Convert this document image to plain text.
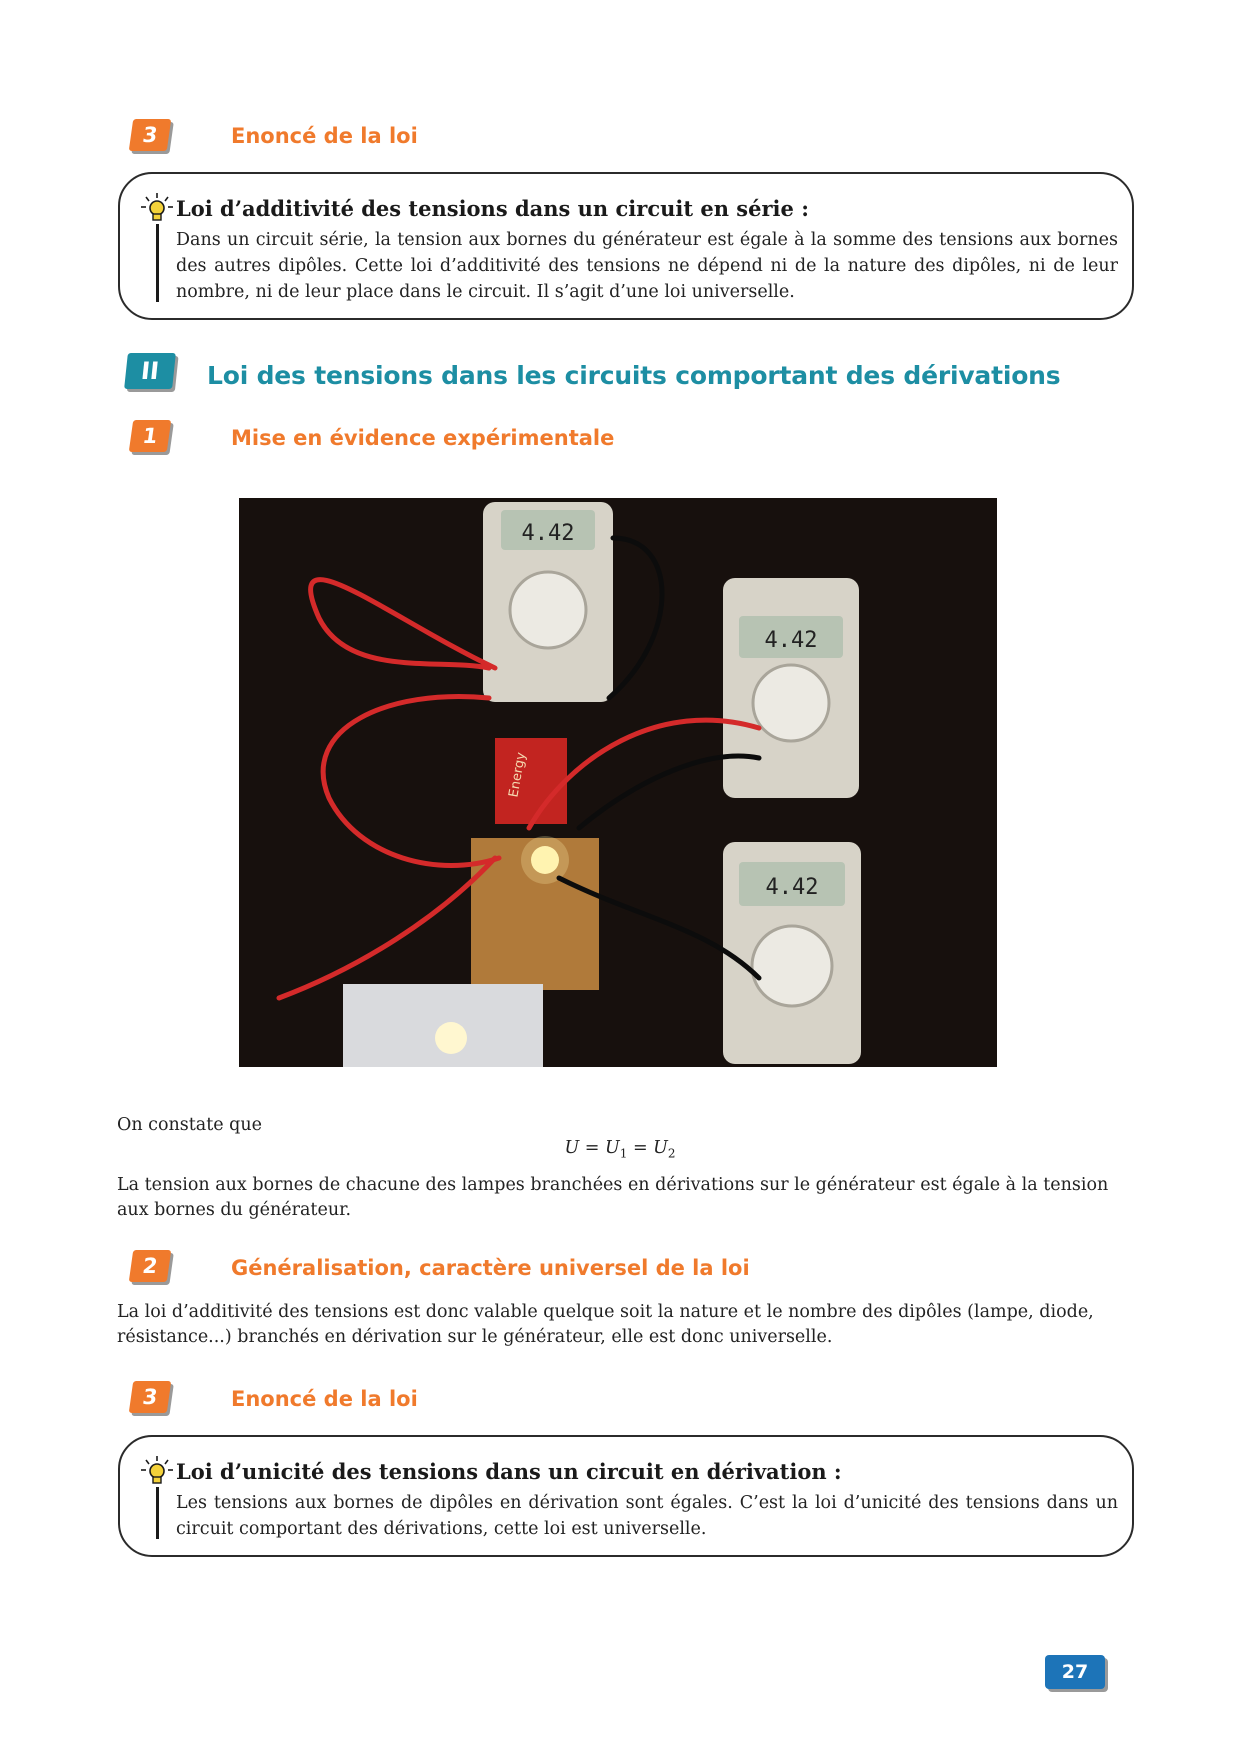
3	Enoncé de la loi
Loi d’additivité des tensions dans un circuit en série :
Dans un circuit série, la tension aux bornes du générateur est égale à la somme des tensions aux bornes des autres dipôles. Cette loi d’additivité des tensions ne dépend ni de la nature des dipôles, ni de leur nombre, ni de leur place dans le circuit. Il s’agit d’une loi universelle.
II	Loi des tensions dans les circuits comportant des dérivations
1	Mise en évidence expérimentale
Energy
4.42
4.42
4.42
On constate que
$U = U_1 = U_2$
La tension aux bornes de chacune des lampes branchées en dérivations sur le générateur est égale à la tension aux bornes du générateur.
2	Généralisation, caractère universel de la loi
La loi d’additivité des tensions est donc valable quelque soit la nature et le nombre des dipôles (lampe, diode, résistance...) branchés en dérivation sur le générateur, elle est donc universelle.
3	Enoncé de la loi
Loi d’unicité des tensions dans un circuit en dérivation :
Les tensions aux bornes de dipôles en dérivation sont égales. C’est la loi d’unicité des tensions dans un circuit comportant des dérivations, cette loi est universelle.
27
